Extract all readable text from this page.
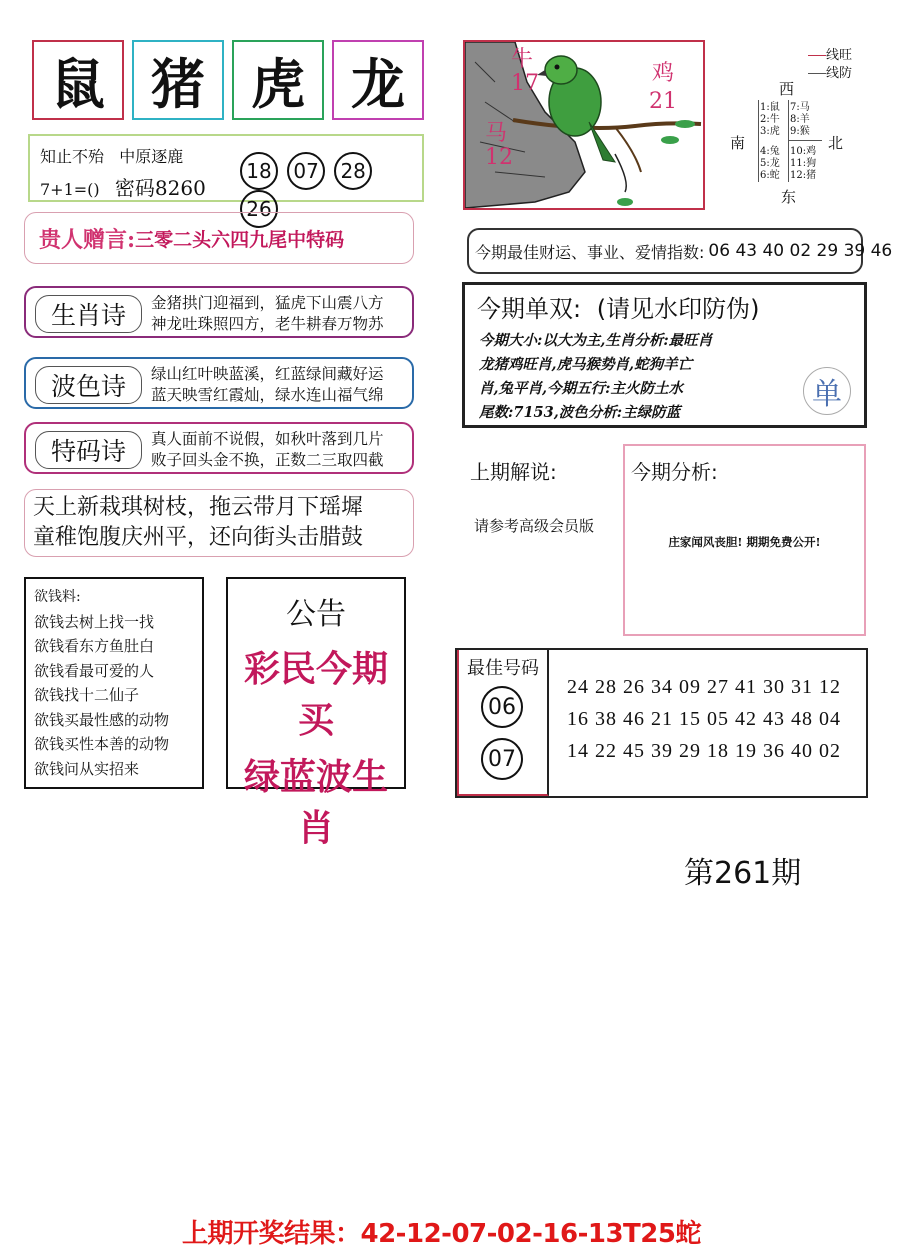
鼠 猪 虎 龙
知止不殆 中原逐鹿
7+1=() 密码8260
18 07 28 26
贵人赠言: 三零二头六四九尾中特码
生肖诗	金猪拱门迎福到，猛虎下山震八方
神龙吐珠照四方，老牛耕春万物苏
波色诗	绿山红叶映蓝溪，红蓝绿间藏好运
蓝天映雪红霞灿，绿水连山福气绵
特码诗	真人面前不说假，如秋叶落到几片
败子回头金不换，正数二三取四截
天上新栽琪树枝，拖云带月下瑶墀
童稚饱腹庆州平，还向街头击腊鼓
欲钱料:
欲钱去树上找一找
欲钱看东方鱼肚白
欲钱看最可爱的人
欲钱找十二仙子
欲钱买最性感的动物
欲钱买性本善的动物
欲钱问从实招来
公告
彩民今期买
绿蓝波生肖
牛
17
马
12
鸡
21
线旺
线防
西
东
南	北
1:鼠
2:牛
3:虎
7:马
8:羊
9:猴
4:兔
5:龙
6:蛇
10:鸡
11:狗
12:猪
今期最佳财运、事业、爱情指数: 06 43 40 02 29 39 46
今期单双: (请见水印防伪)
今期大小:以大为主,生肖分析:最旺肖
龙猪鸡旺肖,虎马猴势肖,蛇狗羊亡
肖,兔平肖,今期五行:主火防土水
尾数:7153,波色分析:主绿防蓝
单
上期解说:
请参考高级会员版
今期分析:
庄家闻风丧胆! 期期免费公开!
最佳号码
06
07
24 28 26 34 09 27 41 30 31 12
16 38 46 21 15 05 42 43 48 04
14 22 45 39 29 18 19 36 40 02
第261期
上期开奖结果：42-12-07-02-16-13T25蛇
